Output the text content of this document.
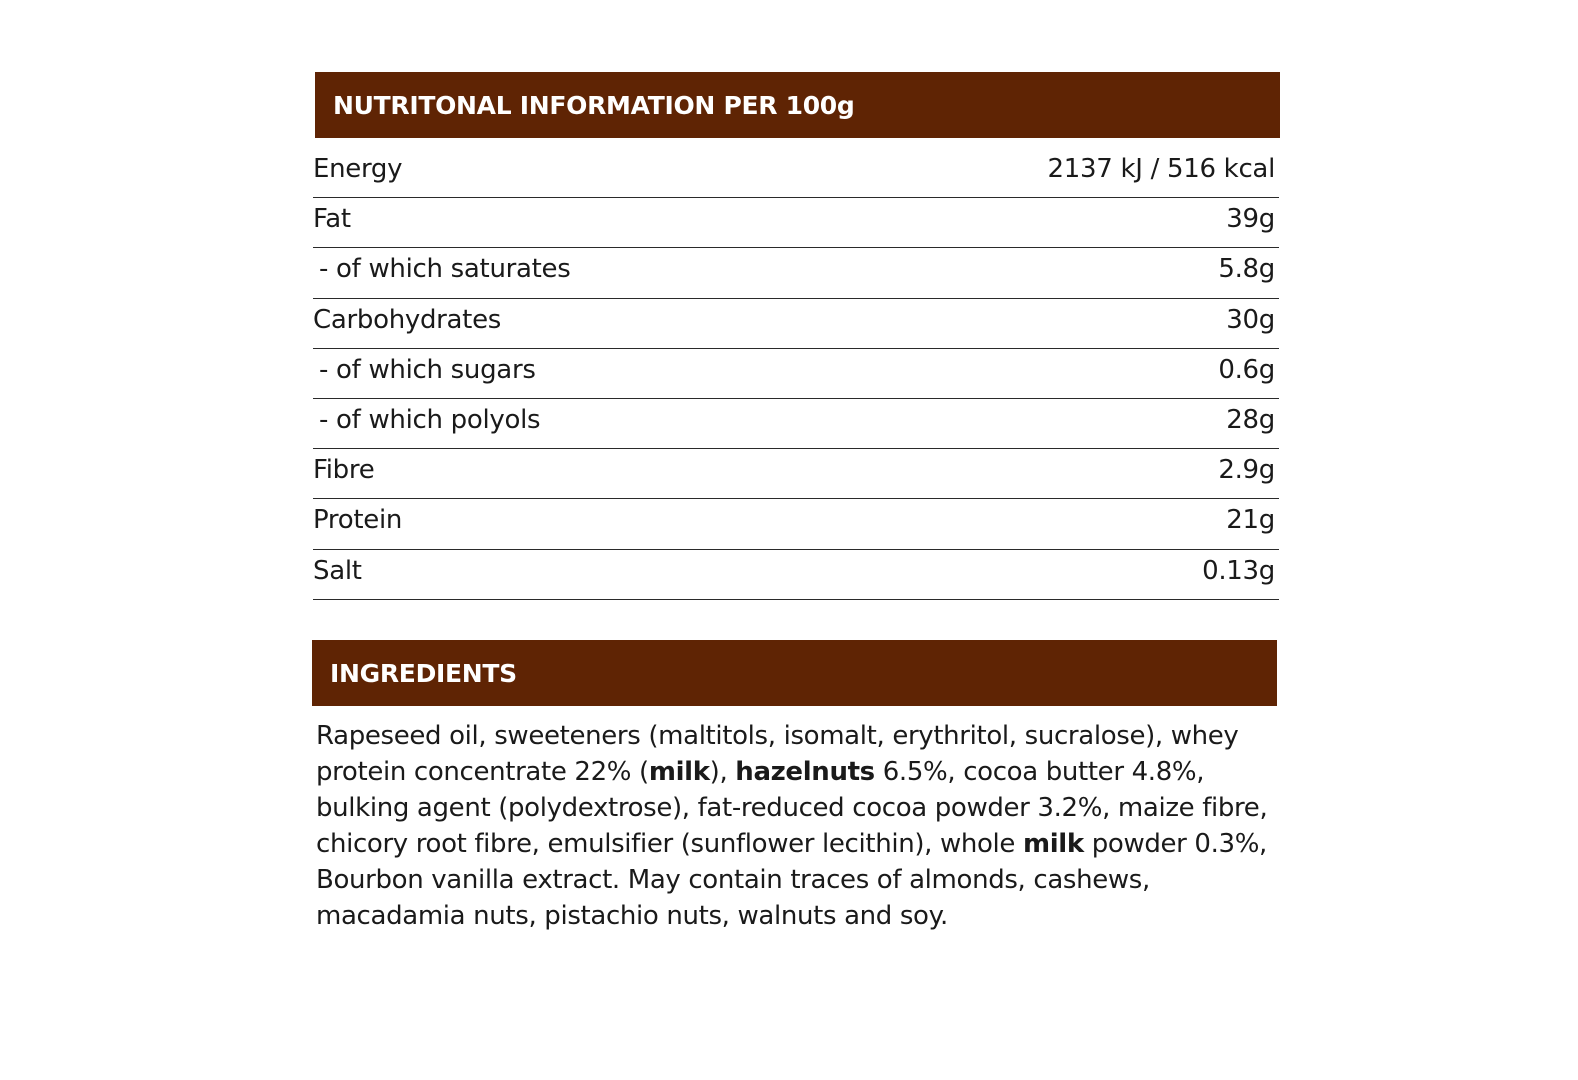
NUTRITONAL INFORMATION PER 100g
Energy	2137 kJ / 516 kcal
Fat	39g
- of which saturates	5.8g
Carbohydrates	30g
- of which sugars	0.6g
- of which polyols	28g
Fibre	2.9g
Protein	21g
Salt	0.13g
INGREDIENTS
Rapeseed oil, sweeteners (maltitols, isomalt, erythritol, sucralose), whey protein concentrate 22% (milk), hazelnuts 6.5%, cocoa butter 4.8%, bulking agent (polydextrose), fat-reduced cocoa powder 3.2%, maize fibre, chicory root fibre, emulsifier (sunflower lecithin), whole milk powder 0.3%, Bourbon vanilla extract. May contain traces of almonds, cashews, macadamia nuts, pistachio nuts, walnuts and soy.
